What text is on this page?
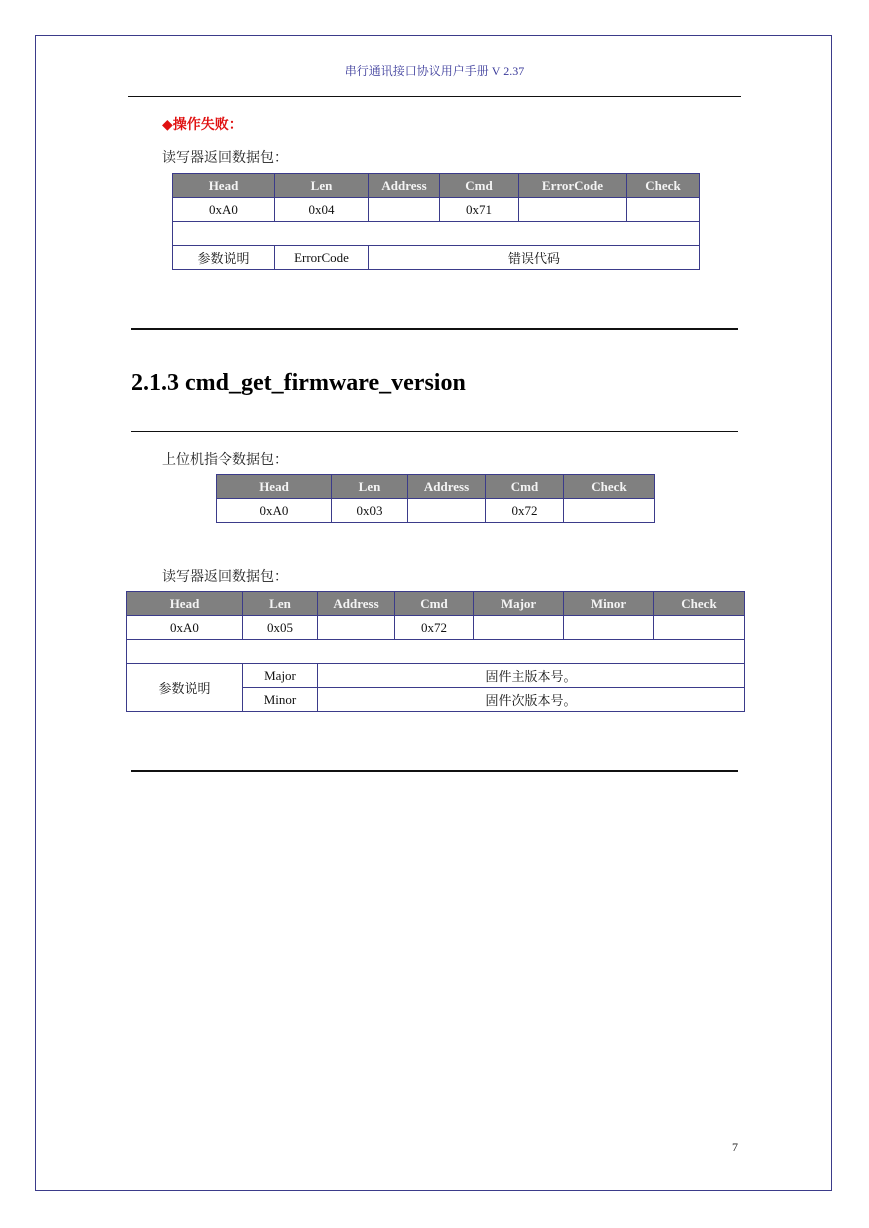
串行通讯接口协议用户手册 V 2.37
◆操作失败：
读写器返回数据包：
Head	Len	Address	Cmd	ErrorCode	Check
0xA0	0x04		0x71		

参数说明	ErrorCode	错误代码			
2.1.3 cmd_get_firmware_version
上位机指令数据包：
Head	Len	Address	Cmd	Check
0xA0	0x03		0x72	
读写器返回数据包：
Head	Len	Address	Cmd	Major	Minor	Check
0xA0	0x05		0x72			

参数说明	Major	固件主版本号。				
	Minor	固件次版本号。				
7
